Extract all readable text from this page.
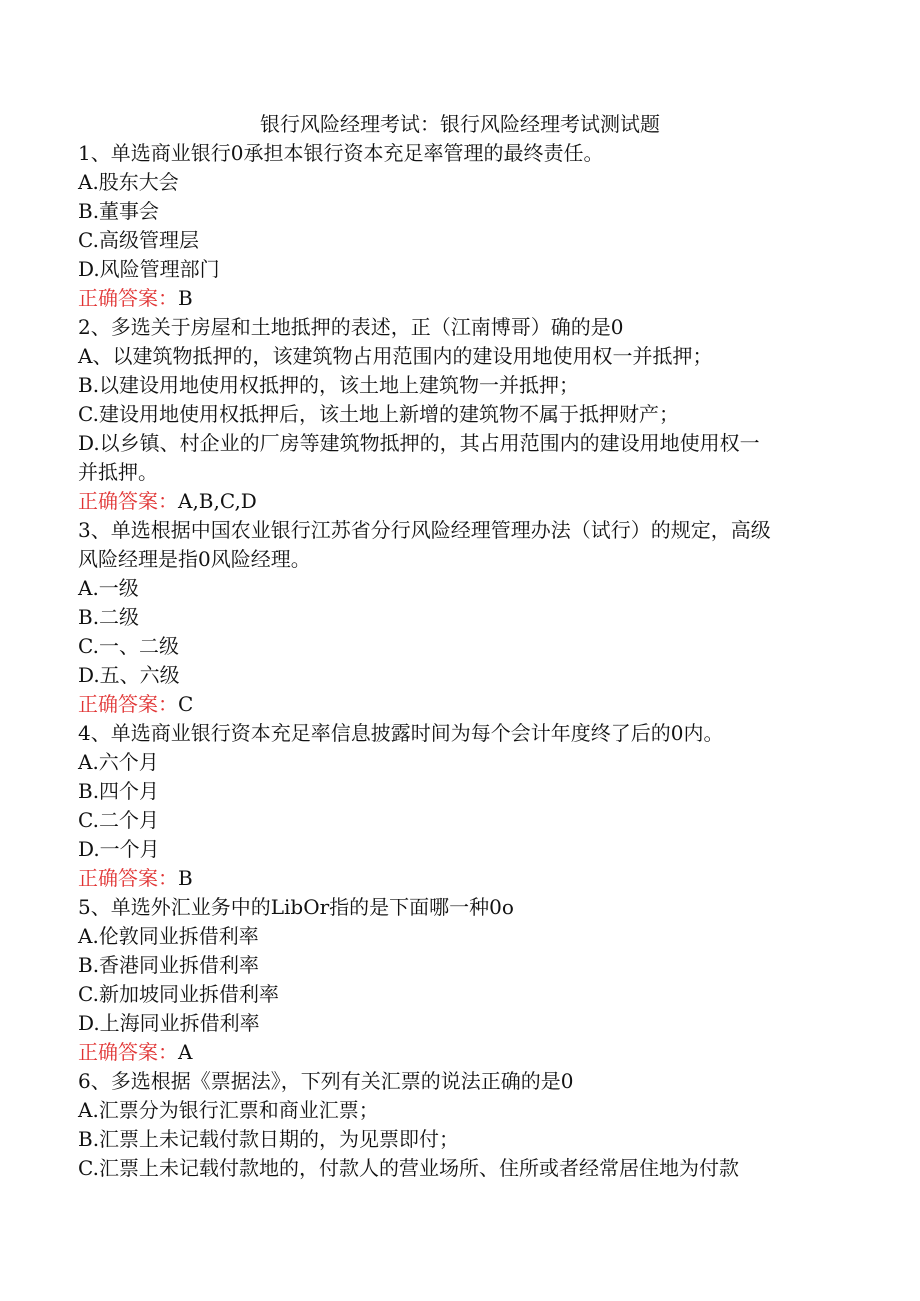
银行风险经理考试：银行风险经理考试测试题
1、单选商业银行0承担本银行资本充足率管理的最终责任。
A.股东大会
B.董事会
C.高级管理层
D.风险管理部门
正确答案：B
2、多选关于房屋和土地抵押的表述，正（江南博哥）确的是0
A、以建筑物抵押的，该建筑物占用范围内的建设用地使用权一并抵押；
B.以建设用地使用权抵押的，该土地上建筑物一并抵押；
C.建设用地使用权抵押后，该土地上新增的建筑物不属于抵押财产；
D.以乡镇、村企业的厂房等建筑物抵押的，其占用范围内的建设用地使用权一
并抵押。
正确答案：A,B,C,D
3、单选根据中国农业银行江苏省分行风险经理管理办法（试行）的规定，高级
风险经理是指0风险经理。
A.一级
B.二级
C.一、二级
D.五、六级
正确答案：C
4、单选商业银行资本充足率信息披露时间为每个会计年度终了后的0内。
A.六个月
B.四个月
C.二个月
D.一个月
正确答案：B
5、单选外汇业务中的LibOr指的是下面哪一种0o
A.伦敦同业拆借利率
B.香港同业拆借利率
C.新加坡同业拆借利率
D.上海同业拆借利率
正确答案：A
6、多选根据《票据法》，下列有关汇票的说法正确的是0
A.汇票分为银行汇票和商业汇票；
B.汇票上未记载付款日期的，为见票即付；
C.汇票上未记载付款地的，付款人的营业场所、住所或者经常居住地为付款
